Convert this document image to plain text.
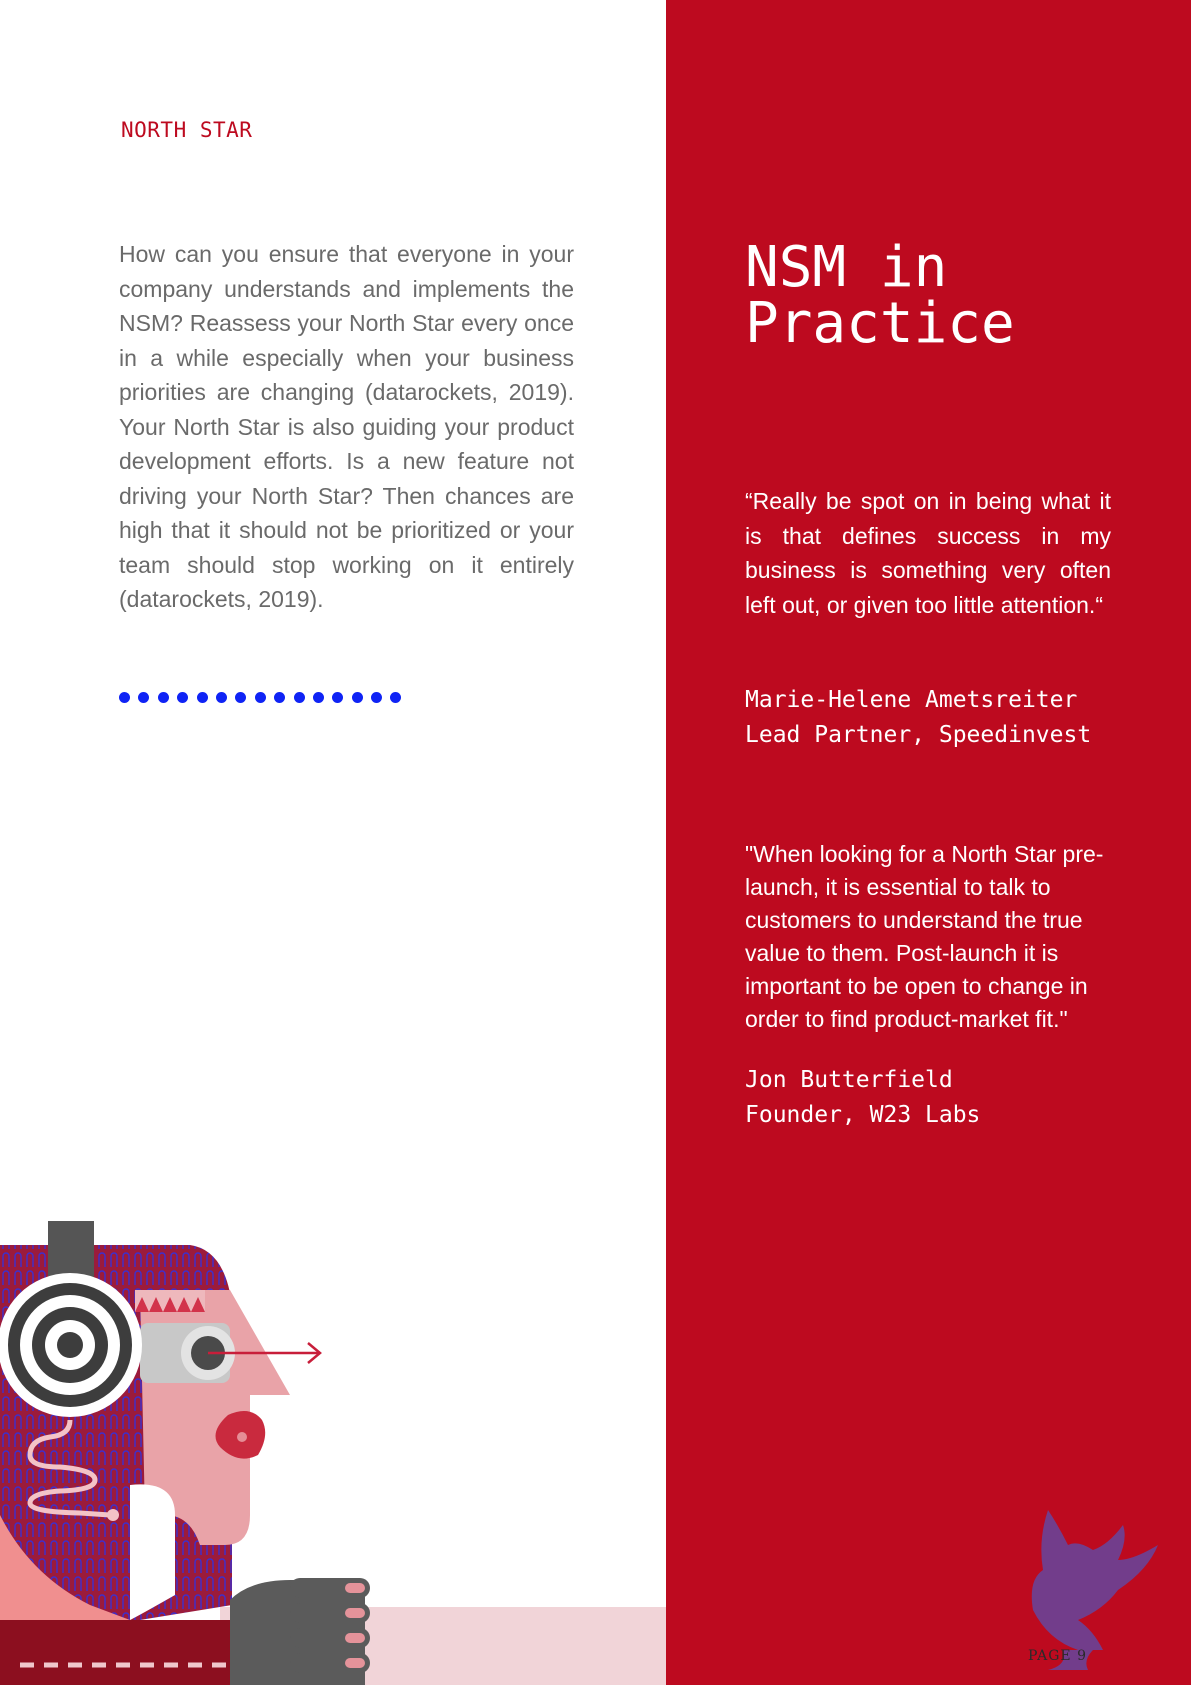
NORTH STAR
How can you ensure that everyone in your company understands and implements the NSM? Reassess your North Star every once in a while especially when your business priorities are changing (datarockets, 2019). Your North Star is also guiding your product development efforts. Is a new feature not driving your North Star? Then chances are high that it should not be prioritized or your team should stop working on it entirely (datarockets, 2019).
NSM in
Practice
“Really be spot on in being what it is that defines success in my business is something very often left out, or given too little attention.“
Marie-Helene Ametsreiter
Lead Partner, Speedinvest
"When looking for a North Star pre-launch, it is essential to talk to customers to understand the true value to them. Post-launch it is important to be open to change in order to find product-market fit."
Jon Butterfield
Founder, W23 Labs
PAGE 9
